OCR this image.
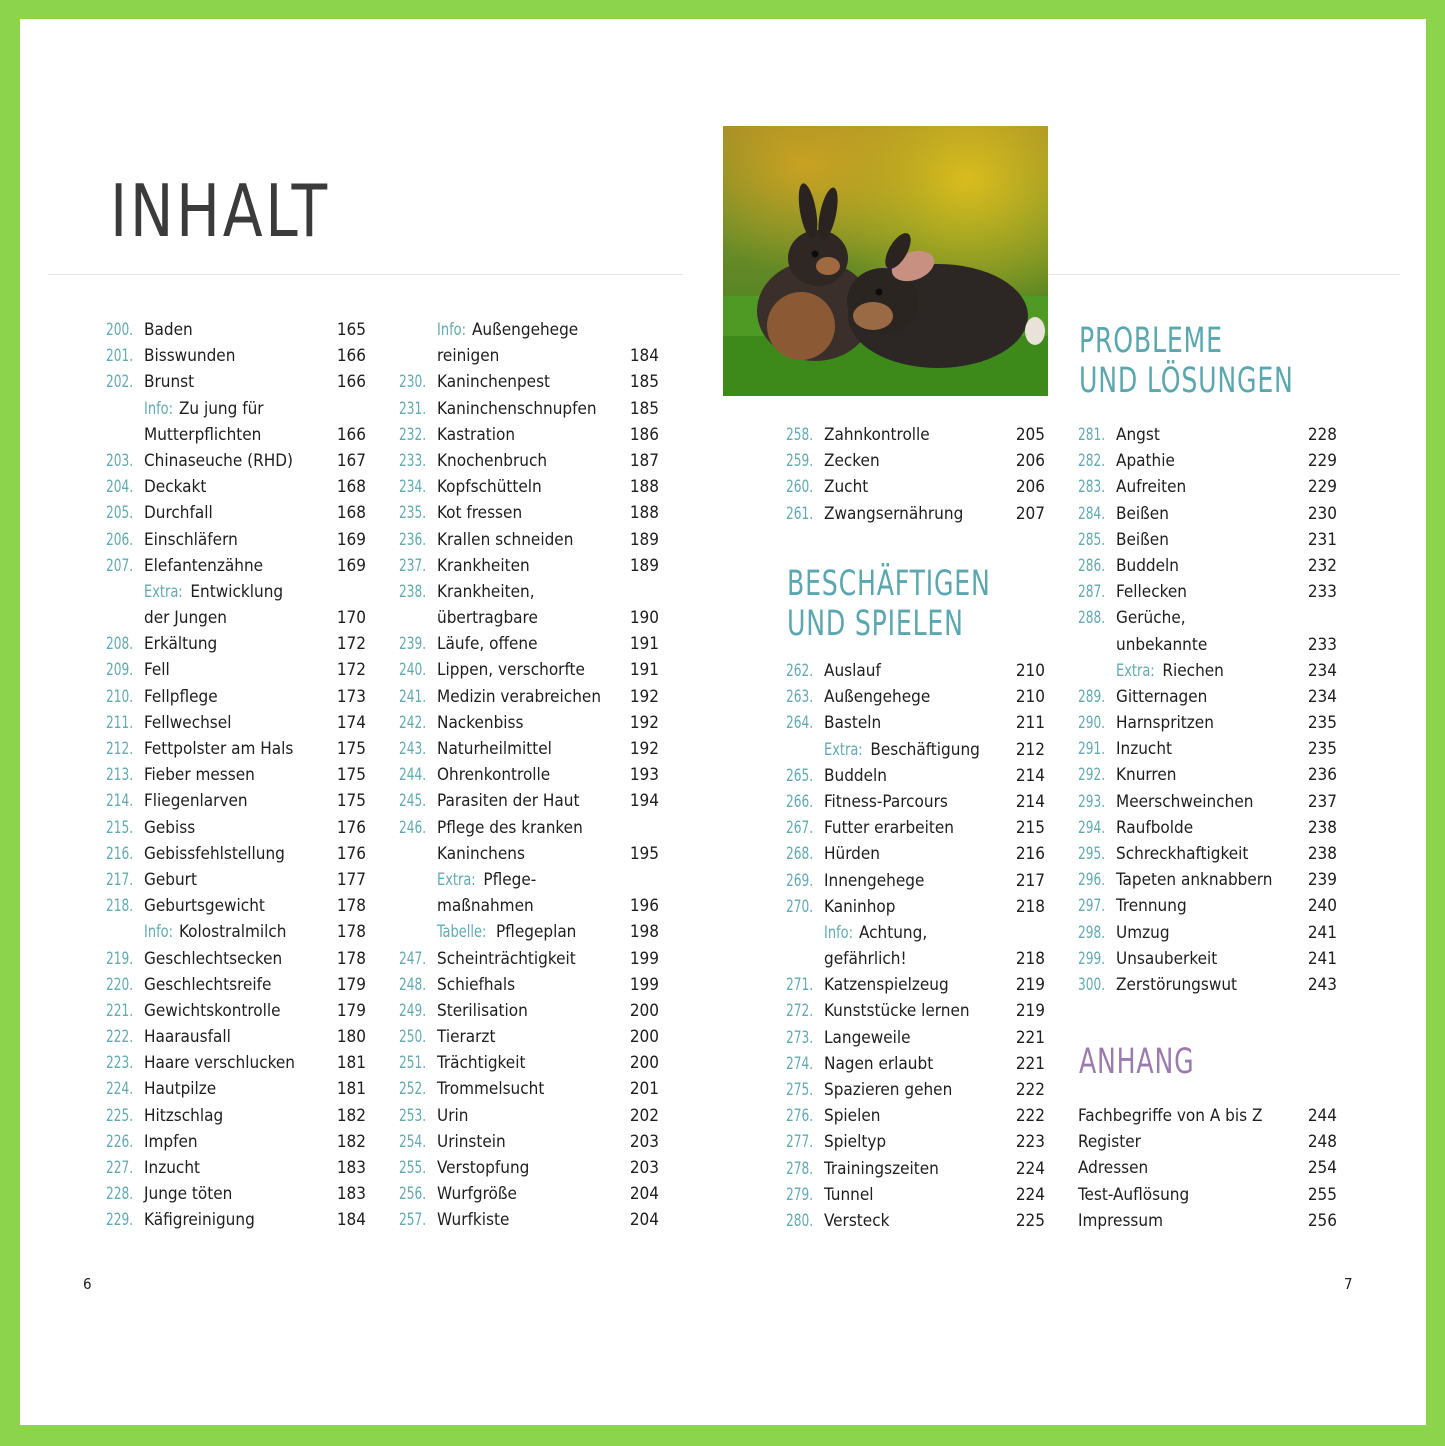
INHALT
200. Baden	165
201. Bisswunden	166
202. Brunst	166
Info: Zu jung für
Mutterpflichten	166
203. Chinaseuche (RHD)	167
204. Deckakt	168
205. Durchfall	168
206. Einschläfern	169
207. Elefantenzähne	169
Extra: Entwicklung
der Jungen	170
208. Erkältung	172
209. Fell	172
210. Fellpflege	173
211. Fellwechsel	174
212. Fettpolster am Hals	175
213. Fieber messen	175
214. Fliegenlarven	175
215. Gebiss	176
216. Gebissfehlstellung	176
217. Geburt	177
218. Geburtsgewicht	178
Info: Kolostralmilch	178
219. Geschlechtsecken	178
220. Geschlechtsreife	179
221. Gewichtskontrolle	179
222. Haarausfall	180
223. Haare verschlucken 181
224. Hautpilze	181
225. Hitzschlag	182
226. Impfen	182
227. Inzucht	183
228. Junge töten	183
229. Käfigreinigung	184
Info: Außengehege
reinigen	184
230. Kaninchenpest	185
231. Kaninchenschnupfen 185
232. Kastration	186
233. Knochenbruch	187
234. Kopfschütteln	188
235. Kot fressen	188
236. Krallen schneiden	189
237. Krankheiten	189
238. Krankheiten,
übertragbare	190
239. Läufe, offene	191
240. Lippen, verschorfte	191
241. Medizin verabreichen 192
242. Nackenbiss	192
243. Naturheilmittel	192
244. Ohrenkontrolle	193
245. Parasiten der Haut	194
246. Pflege des kranken
Kaninchens	195
Extra: Pflege-
maßnahmen	196
Tabelle: Pflegeplan	198
247. Scheinträchtigkeit	199
248. Schiefhals	199
249. Sterilisation	200
250. Tierarzt	200
251. Trächtigkeit	200
252. Trommelsucht	201
253. Urin	202
254. Urinstein	203
255. Verstopfung	203
256. Wurfgröße	204
257. Wurfkiste	204
258. Zahnkontrolle	205
259. Zecken	206
260. Zucht	206
261. Zwangsernährung	207
BESCHÄFTIGEN
UND SPIELEN
262. Auslauf	210
263. Außengehege	210
264. Basteln	211
Extra: Beschäftigung 212
265. Buddeln	214
266. Fitness-Parcours	214
267. Futter erarbeiten	215
268. Hürden	216
269. Innengehege	217
270. Kaninhop	218
Info: Achtung,
gefährlich!	218
271. Katzenspielzeug	219
272. Kunststücke lernen	219
273. Langeweile	221
274. Nagen erlaubt	221
275. Spazieren gehen	222
276. Spielen	222
277. Spieltyp	223
278. Trainingszeiten	224
279. Tunnel	224
280. Versteck	225
PROBLEME
UND LÖSUNGEN
281. Angst	228
282. Apathie	229
283. Aufreiten	229
284. Beißen	230
285. Beißen	231
286. Buddeln	232
287. Fellecken	233
288. Gerüche,
unbekannte	233
Extra: Riechen	234
289. Gitternagen	234
290. Harnspritzen	235
291. Inzucht	235
292. Knurren	236
293. Meerschweinchen	237
294. Raufbolde	238
295. Schreckhaftigkeit	238
296. Tapeten anknabbern 239
297. Trennung	240
298. Umzug	241
299. Unsauberkeit	241
300. Zerstörungswut	243
ANHANG
Fachbegriffe von A bis Z	244
Register	248
Adressen	254
Test-Auflösung	255
Impressum	256
6	7
